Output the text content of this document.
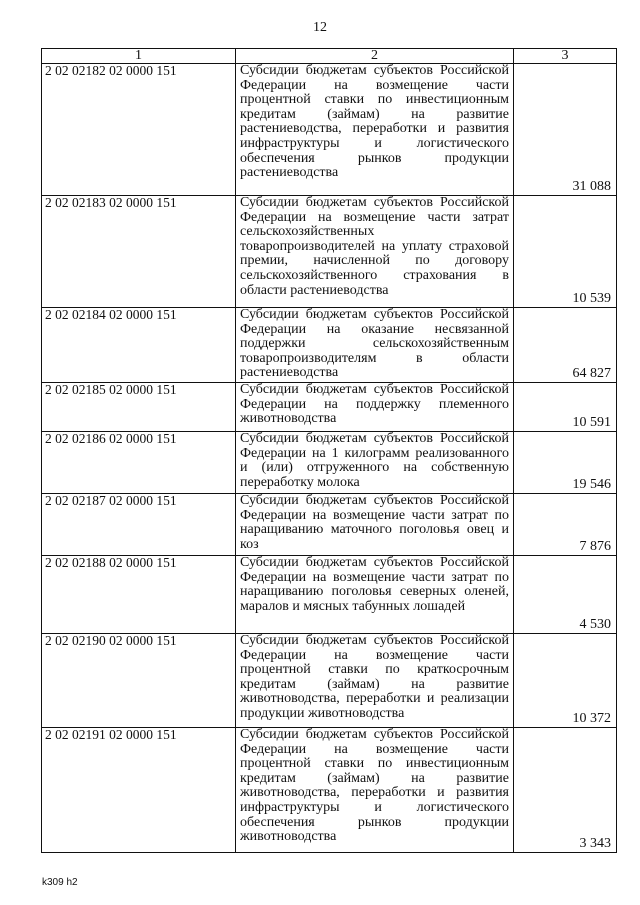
12
1	2	3
2 02 02182 02 0000 151	Субсидии бюджетам субъектов Российской Федерации на возмещение части процентной ставки по инвестиционным кредитам (займам) на развитие растениеводства, переработки и развития инфраструктуры и логистического обеспечения рынков продукции растениеводства	31 088
2 02 02183 02 0000 151	Субсидии бюджетам субъектов Российской Федерации на возмещение части затрат сельскохозяйственных товаропроизводителей на уплату страховой премии, начисленной по договору сельскохозяйственного страхования в области растениеводства	10 539
2 02 02184 02 0000 151	Субсидии бюджетам субъектов Российской Федерации на оказание несвязанной поддержки сельскохозяйственным товаропроизводителям в области растениеводства	64 827
2 02 02185 02 0000 151	Субсидии бюджетам субъектов Российской Федерации на поддержку племенного животноводства	10 591
2 02 02186 02 0000 151	Субсидии бюджетам субъектов Российской Федерации на 1 килограмм реализованного и (или) отгруженного на собственную переработку молока	19 546
2 02 02187 02 0000 151	Субсидии бюджетам субъектов Российской Федерации на возмещение части затрат по наращиванию маточного поголовья овец и коз	7 876
2 02 02188 02 0000 151	Субсидии бюджетам субъектов Российской Федерации на возмещение части затрат по наращиванию поголовья северных оленей, маралов и мясных табунных лошадей	4 530
2 02 02190 02 0000 151	Субсидии бюджетам субъектов Российской Федерации на возмещение части процентной ставки по краткосрочным кредитам (займам) на развитие животноводства, переработки и реализации продукции животноводства	10 372
2 02 02191 02 0000 151	Субсидии бюджетам субъектов Российской Федерации на возмещение части процентной ставки по инвестиционным кредитам (займам) на развитие животноводства, переработки и развития инфраструктуры и логистического обеспечения рынков продукции животноводства	3 343
k309 h2
